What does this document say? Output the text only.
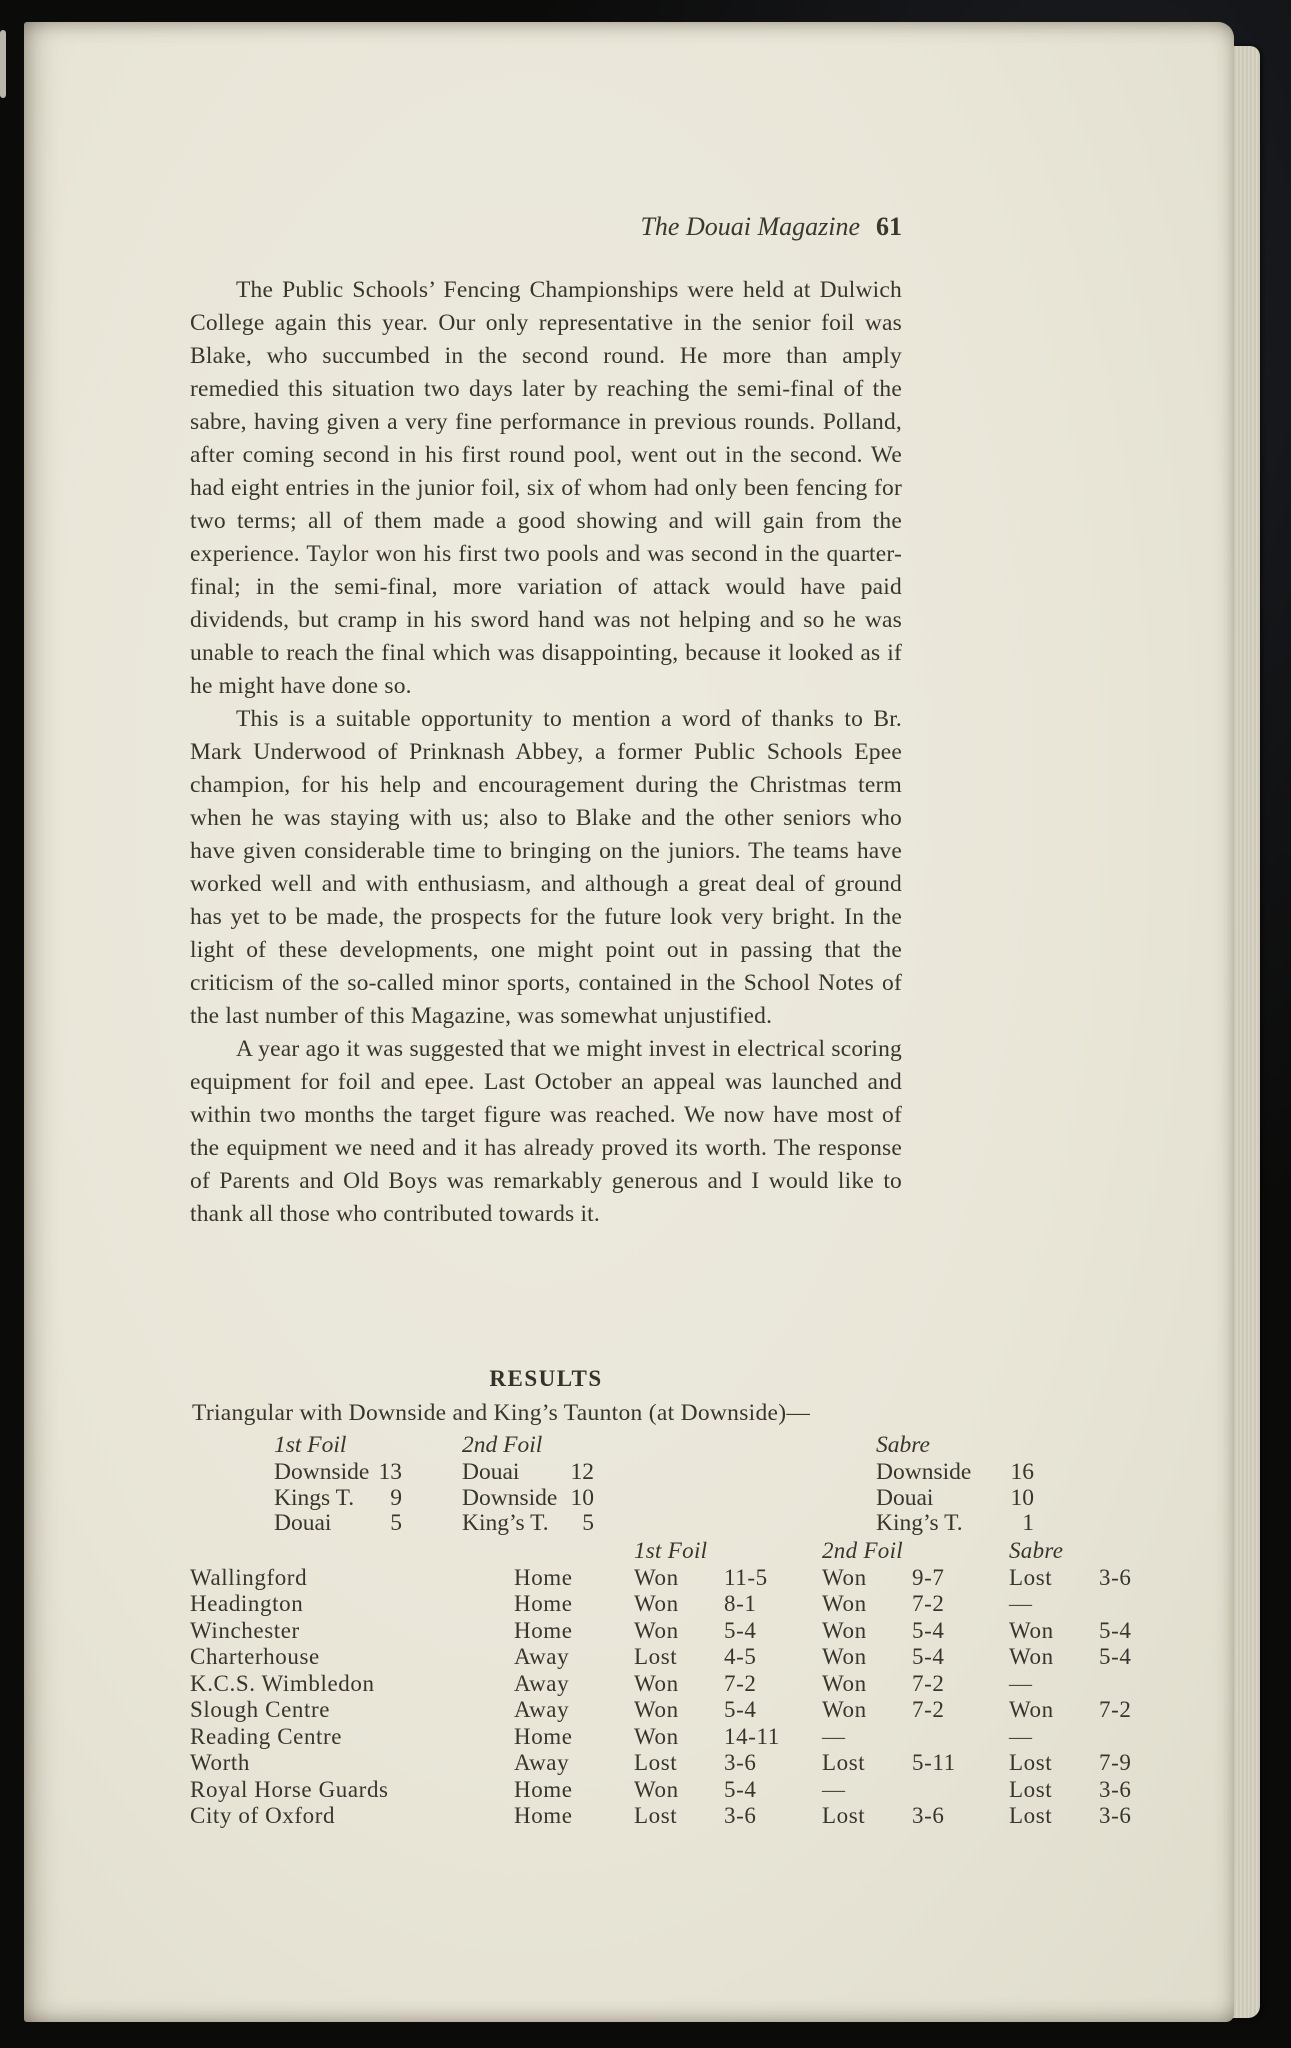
The Douai Magazine 61

The Public Schools’ Fencing Championships were held at Dulwich College again this year. Our only representative in the senior foil was Blake, who succumbed in the second round. He more than amply remedied this situation two days later by reaching the semi-final of the sabre, having given a very fine performance in previous rounds. Polland, after coming second in his first round pool, went out in the second. We had eight entries in the junior foil, six of whom had only been fencing for two terms; all of them made a good showing and will gain from the experience. Taylor won his first two pools and was second in the quarter-final; in the semi-final, more variation of attack would have paid dividends, but cramp in his sword hand was not helping and so he was unable to reach the final which was disappointing, because it looked as if he might have done so.

This is a suitable opportunity to mention a word of thanks to Br. Mark Underwood of Prinknash Abbey, a former Public Schools Epee champion, for his help and encouragement during the Christmas term when he was staying with us; also to Blake and the other seniors who have given considerable time to bringing on the juniors. The teams have worked well and with enthusiasm, and although a great deal of ground has yet to be made, the prospects for the future look very bright. In the light of these developments, one might point out in passing that the criticism of the so-called minor sports, contained in the School Notes of the last number of this Magazine, was somewhat unjustified.

A year ago it was suggested that we might invest in electrical scoring equipment for foil and epee. Last October an appeal was launched and within two months the target figure was reached. We now have most of the equipment we need and it has already proved its worth. The response of Parents and Old Boys was remarkably generous and I would like to thank all those who contributed towards it.

RESULTS
Triangular with Downside and King’s Taunton (at Downside)—
1st Foil
Downside 13
Kings T. 9
Douai	5
2nd Foil
Douai 12
Downside 10
King’s T. 5
Sabre
Downside 16
Douai	10
King’s T.	1
1st Foil	2nd Foil	Sabre
Wallingford	Home	Won	11-5	Won	9-7	Lost	3-6
Headington	Home	Won	8-1	Won	7-2	—
Winchester	Home	Won	5-4	Won	5-4	Won	5-4
Charterhouse	Away	Lost	4-5	Won	5-4	Won	5-4
K.C.S. Wimbledon	Away	Won	7-2	Won	7-2	—
Slough Centre	Away	Won	5-4	Won	7-2	Won	7-2
Reading Centre	Home	Won	14-11	—	—
Worth	Away	Lost	3-6	Lost	5-11	Lost	7-9
Royal Horse Guards	Home	Won	5-4	—	Lost	3-6
City of Oxford	Home	Lost	3-6	Lost	3-6	Lost	3-6
